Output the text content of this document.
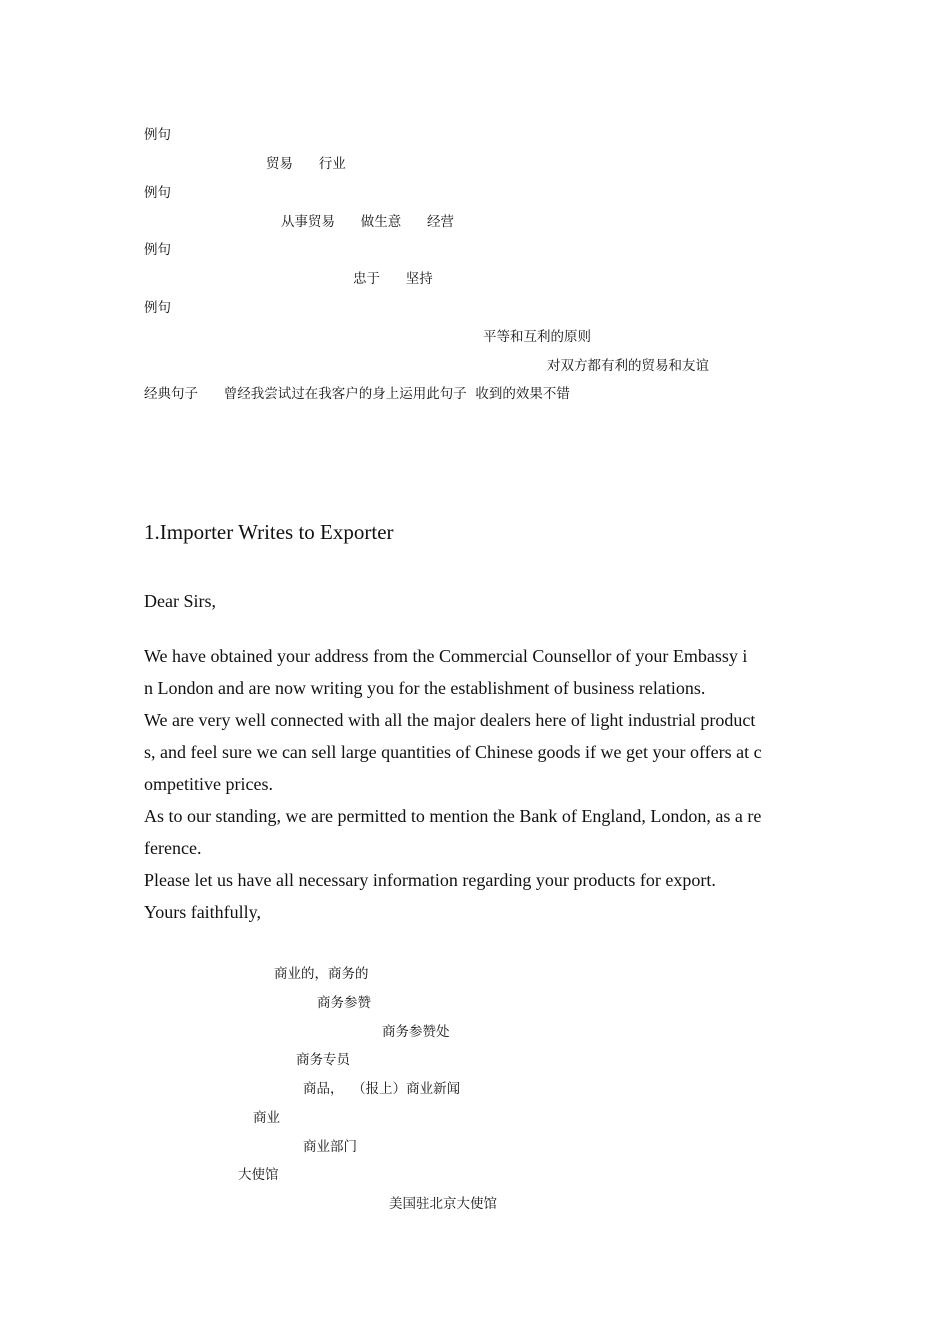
例句
贸易      行业
例句
从事贸易      做生意      经营
例句
忠于      坚持
例句
平等和互利的原则
对双方都有利的贸易和友谊
经典句子      曾经我尝试过在我客户的身上运用此句子  收到的效果不错
1.Importer Writes to Exporter
Dear Sirs,
We have obtained your address from the Commercial Counsellor of your Embassy i
n London and are now writing you for the establishment of business relations.
We are very well connected with all the major dealers here of light industrial product
s, and feel sure we can sell large quantities of Chinese goods if we get your offers at c
ompetitive prices.
As to our standing, we are permitted to mention the Bank of England, London, as a re
ference.
Please let us have all necessary information regarding your products for export.
Yours faithfully,
商业的，商务的
商务参赞
商务参赞处
商务专员
商品，  （报上）商业新闻
商业
商业部门
大使馆
美国驻北京大使馆
